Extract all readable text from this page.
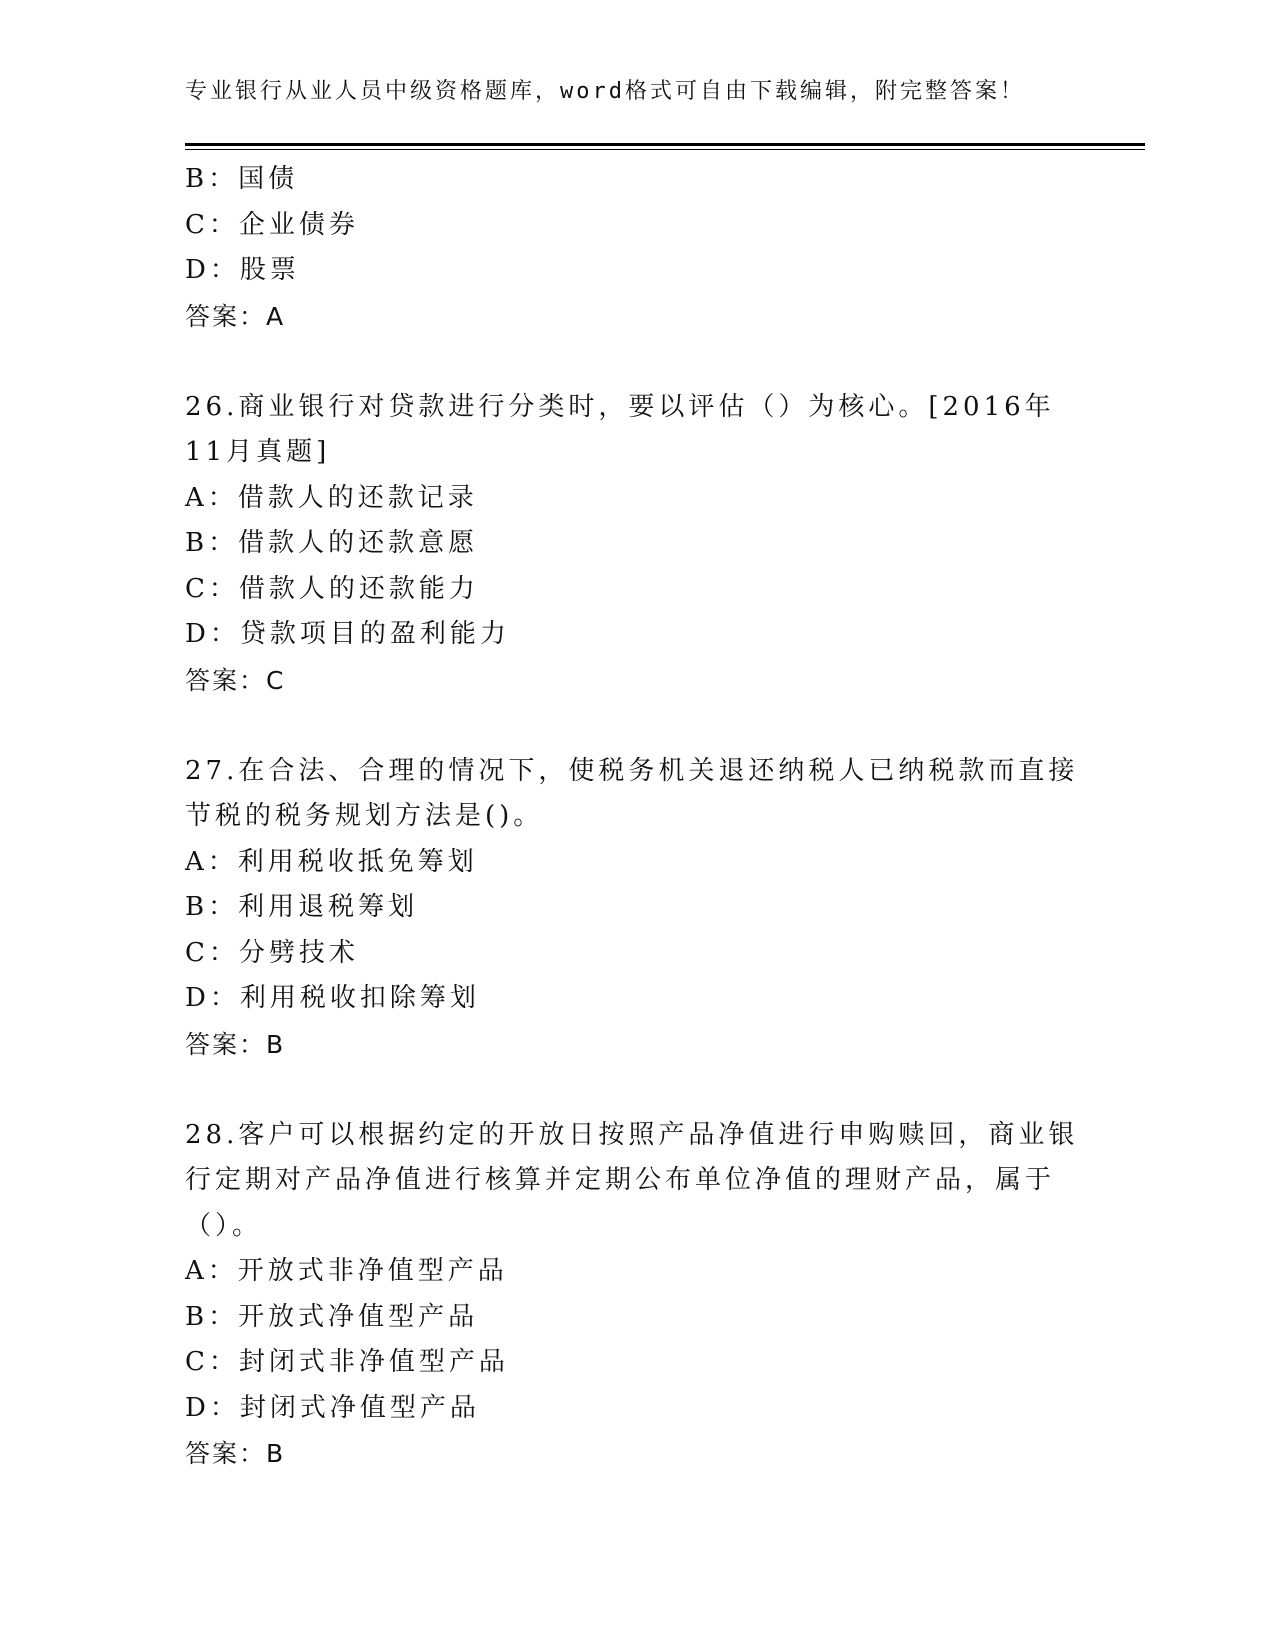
专业银行从业人员中级资格题库，word格式可自由下载编辑，附完整答案！
B：国债
C：企业债券
D：股票
答案：A
26.商业银行对贷款进行分类时，要以评估（）为核心。[2016年11月真题]
A：借款人的还款记录
B：借款人的还款意愿
C：借款人的还款能力
D：贷款项目的盈利能力
答案：C
27.在合法、合理的情况下，使税务机关退还纳税人已纳税款而直接节税的税务规划方法是()。
A：利用税收抵免筹划
B：利用退税筹划
C：分劈技术
D：利用税收扣除筹划
答案：B
28.客户可以根据约定的开放日按照产品净值进行申购赎回，商业银行定期对产品净值进行核算并定期公布单位净值的理财产品，属于（）。
A：开放式非净值型产品
B：开放式净值型产品
C：封闭式非净值型产品
D：封闭式净值型产品
答案：B
